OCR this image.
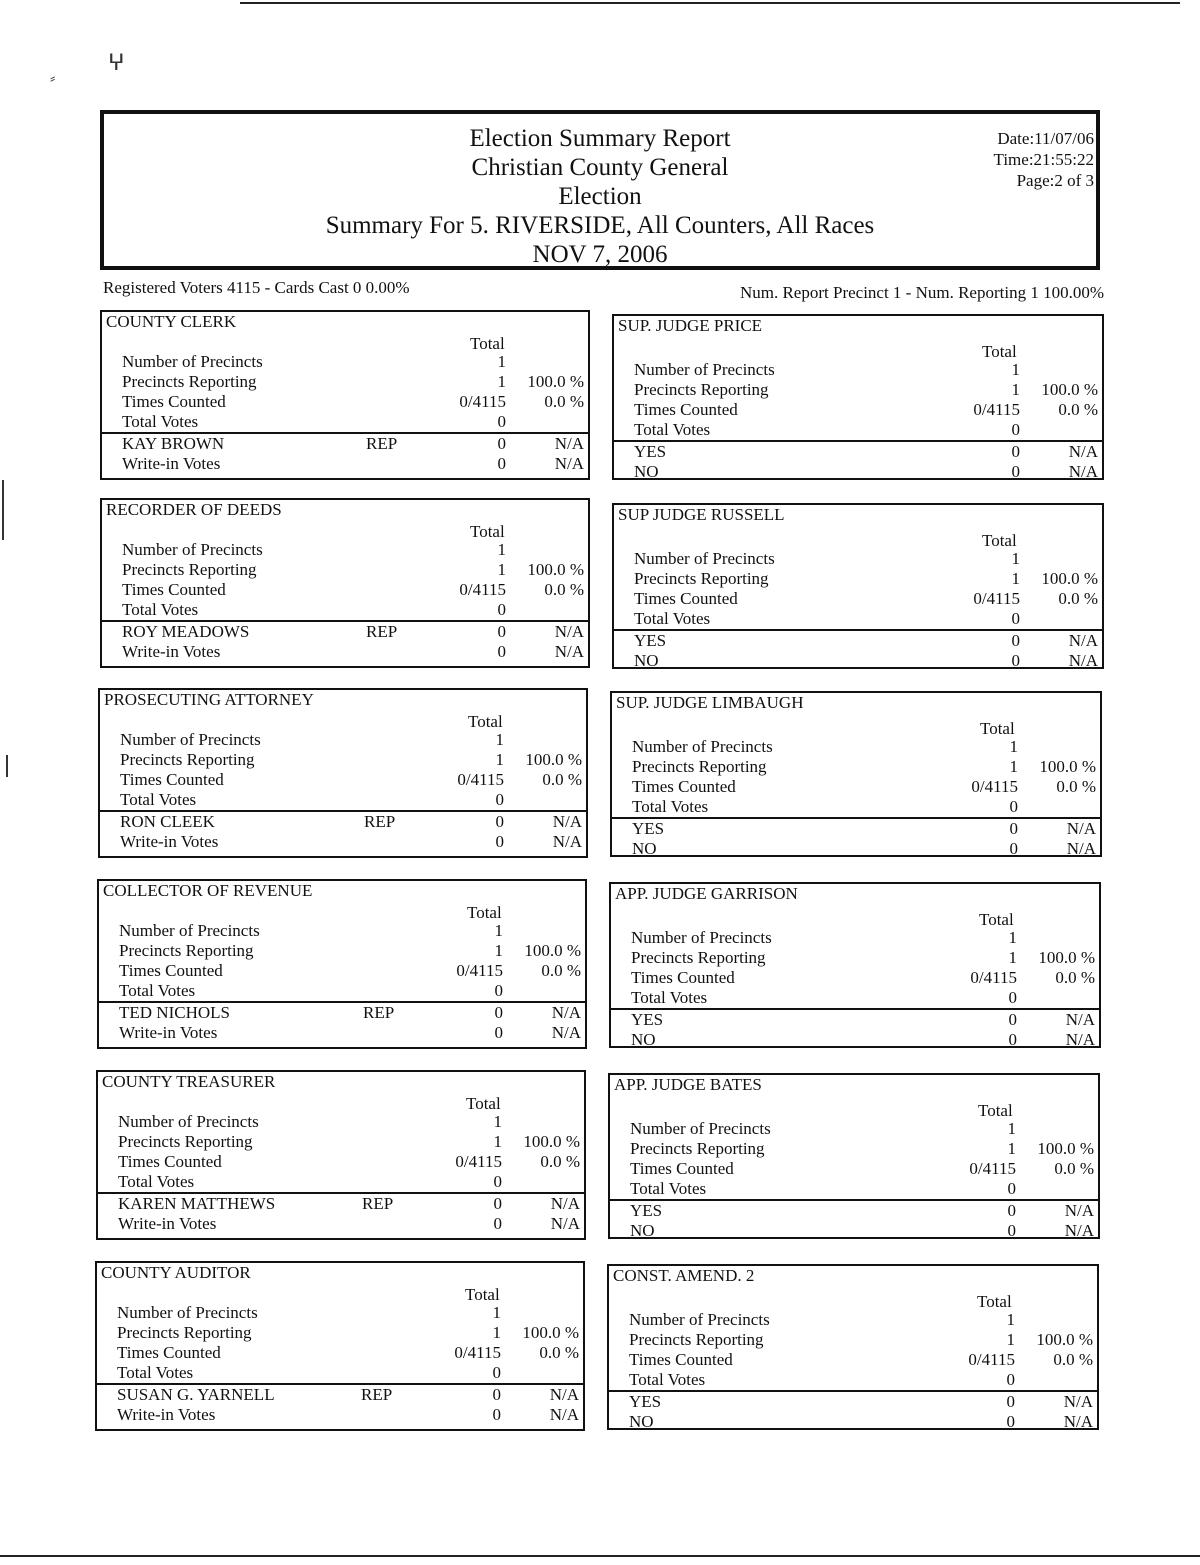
ⵖ
⸗
Election Summary Report
Christian County General
Election
Summary For 5. RIVERSIDE, All Counters, All Races
NOV 7, 2006
Date:11/07/06
Time:21:55:22
Page:2 of 3
Registered Voters 4115 - Cards Cast 0 0.00%	Num. Report Precinct 1 - Num. Reporting 1 100.00%
COUNTY CLERK
Total
Number of Precincts	1
Precincts Reporting	1 100.0 %
Times Counted	0/4115 0.0 %
Total Votes	0
KAY BROWN	REP	0	N/A
Write-in Votes	0	N/A
RECORDER OF DEEDS
Total
Number of Precincts	1
Precincts Reporting	1 100.0 %
Times Counted	0/4115 0.0 %
Total Votes	0
ROY MEADOWS	REP	0	N/A
Write-in Votes	0	N/A
PROSECUTING ATTORNEY
Total
Number of Precincts	1
Precincts Reporting	1 100.0 %
Times Counted	0/4115 0.0 %
Total Votes	0
RON CLEEK	REP	0	N/A
Write-in Votes	0	N/A
COLLECTOR OF REVENUE
Total
Number of Precincts	1
Precincts Reporting	1 100.0 %
Times Counted	0/4115 0.0 %
Total Votes	0
TED NICHOLS	REP	0	N/A
Write-in Votes	0	N/A
COUNTY TREASURER
Total
Number of Precincts	1
Precincts Reporting	1 100.0 %
Times Counted	0/4115 0.0 %
Total Votes	0
KAREN MATTHEWS	REP	0	N/A
Write-in Votes	0	N/A
COUNTY AUDITOR
Total
Number of Precincts	1
Precincts Reporting	1 100.0 %
Times Counted	0/4115 0.0 %
Total Votes	0
SUSAN G. YARNELL	REP	0	N/A
Write-in Votes	0	N/A
SUP. JUDGE PRICE
Total
Number of Precincts	1
Precincts Reporting	1 100.0 %
Times Counted	0/4115 0.0 %
Total Votes	0
YES	0	N/A
NO	0	N/A
SUP JUDGE RUSSELL
Total
Number of Precincts	1
Precincts Reporting	1 100.0 %
Times Counted	0/4115 0.0 %
Total Votes	0
YES	0	N/A
NO	0	N/A
SUP. JUDGE LIMBAUGH
Total
Number of Precincts	1
Precincts Reporting	1 100.0 %
Times Counted	0/4115 0.0 %
Total Votes	0
YES	0	N/A
NO	0	N/A
APP. JUDGE GARRISON
Total
Number of Precincts	1
Precincts Reporting	1 100.0 %
Times Counted	0/4115 0.0 %
Total Votes	0
YES	0	N/A
NO	0	N/A
APP. JUDGE BATES
Total
Number of Precincts	1
Precincts Reporting	1 100.0 %
Times Counted	0/4115 0.0 %
Total Votes	0
YES	0	N/A
NO	0	N/A
CONST. AMEND. 2
Total
Number of Precincts	1
Precincts Reporting	1 100.0 %
Times Counted	0/4115 0.0 %
Total Votes	0
YES	0	N/A
NO	0	N/A
